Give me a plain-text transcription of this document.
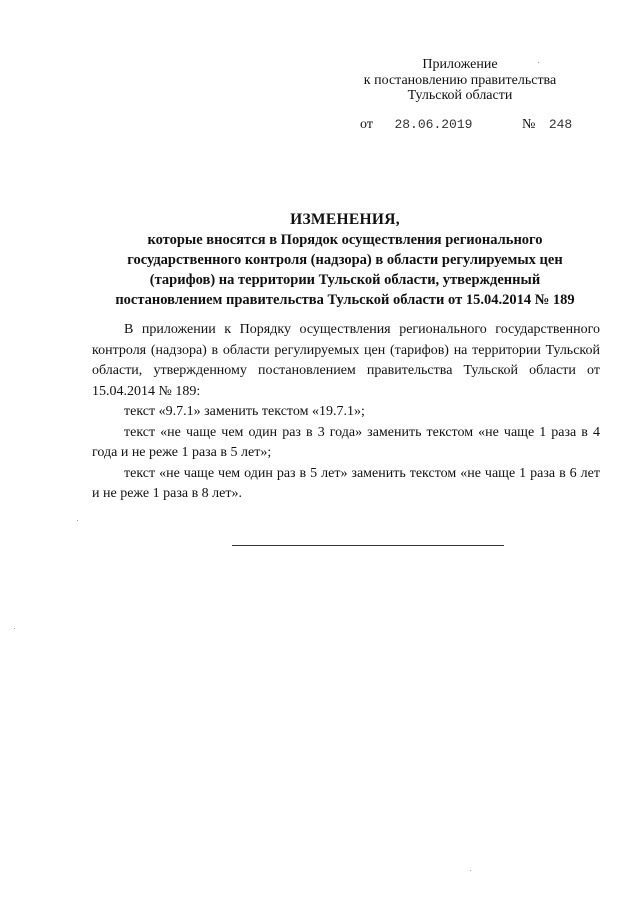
Приложение
к постановлению правительства
Тульской области
от 28.06.2019	№ 248
ИЗМЕНЕНИЯ,
которые вносятся в Порядок осуществления регионального
государственного контроля (надзора) в области регулируемых цен
(тарифов) на территории Тульской области, утвержденный
постановлением правительства Тульской области от 15.04.2014 № 189

В приложении к Порядку осуществления регионального государственного контроля (надзора) в области регулируемых цен (тарифов) на территории Тульской области, утвержденному постановлением правительства Тульской области от 15.04.2014 № 189:

текст «9.7.1» заменить текстом «19.7.1»;

текст «не чаще чем один раз в 3 года» заменить текстом «не чаще 1 раза в 4 года и не реже 1 раза в 5 лет»;

текст «не чаще чем один раз в 5 лет» заменить текстом «не чаще 1 раза в 6 лет и не реже 1 раза в 8 лет».
